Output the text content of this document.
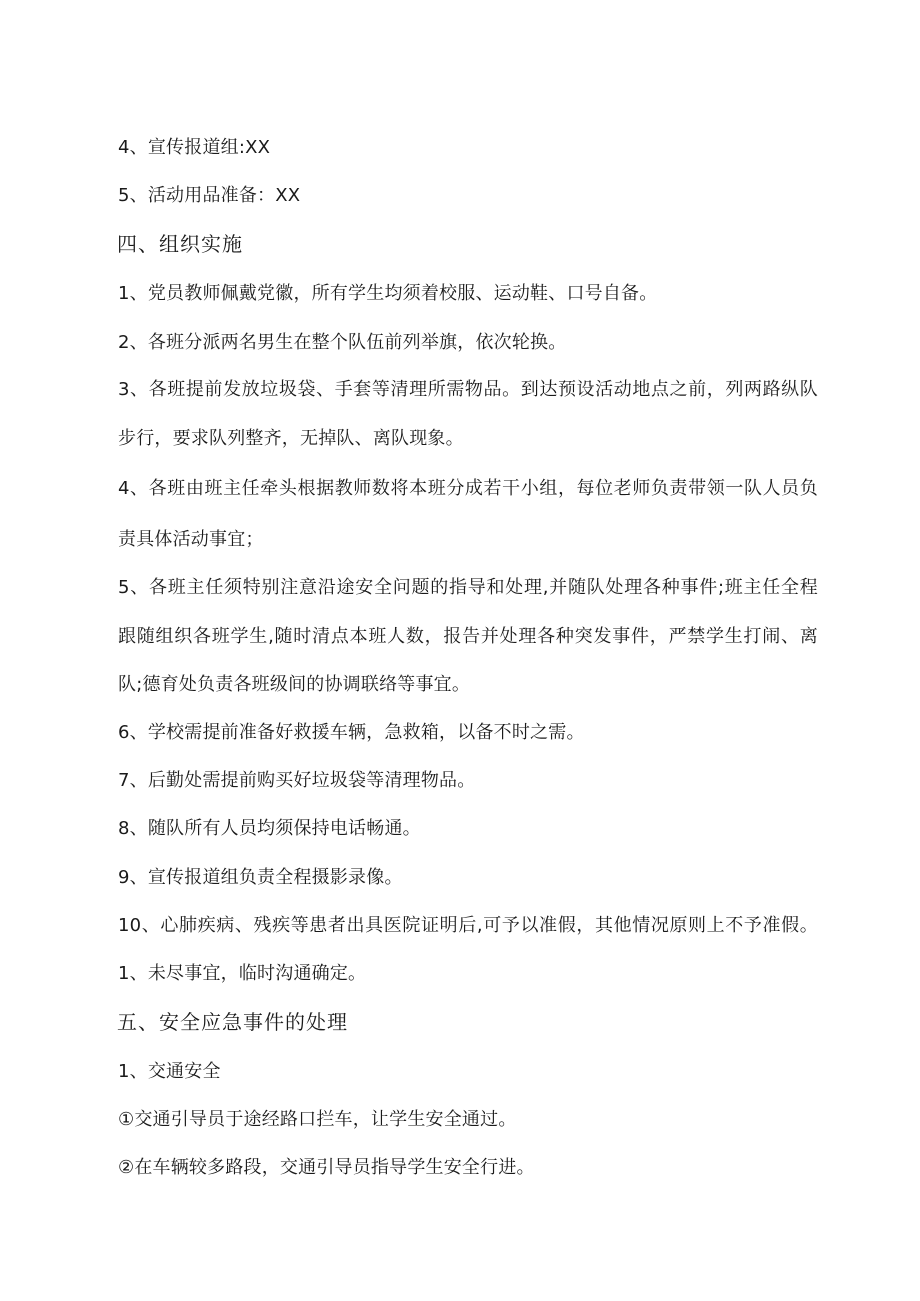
4、宣传报道组:XX
5、活动用品准备：XX
四、组织实施
1、党员教师佩戴党徽，所有学生均须着校服、运动鞋、口号自备。
2、各班分派两名男生在整个队伍前列举旗，依次轮换。
3、各班提前发放垃圾袋、手套等清理所需物品。到达预设活动地点之前，列两路纵队
步行，要求队列整齐，无掉队、离队现象。
4、各班由班主任牵头根据教师数将本班分成若干小组，每位老师负责带领一队人员负
责具体活动事宜；
5、各班主任须特别注意沿途安全问题的指导和处理,并随队处理各种事件;班主任全程
跟随组织各班学生,随时清点本班人数，报告并处理各种突发事件，严禁学生打闹、离
队;德育处负责各班级间的协调联络等事宜。
6、学校需提前准备好救援车辆，急救箱，以备不时之需。
7、后勤处需提前购买好垃圾袋等清理物品。
8、随队所有人员均须保持电话畅通。
9、宣传报道组负责全程摄影录像。
10、心肺疾病、残疾等患者出具医院证明后,可予以准假，其他情况原则上不予准假。
1、未尽事宜，临时沟通确定。
五、安全应急事件的处理
1、交通安全
①交通引导员于途经路口拦车，让学生安全通过。
②在车辆较多路段，交通引导员指导学生安全行进。
